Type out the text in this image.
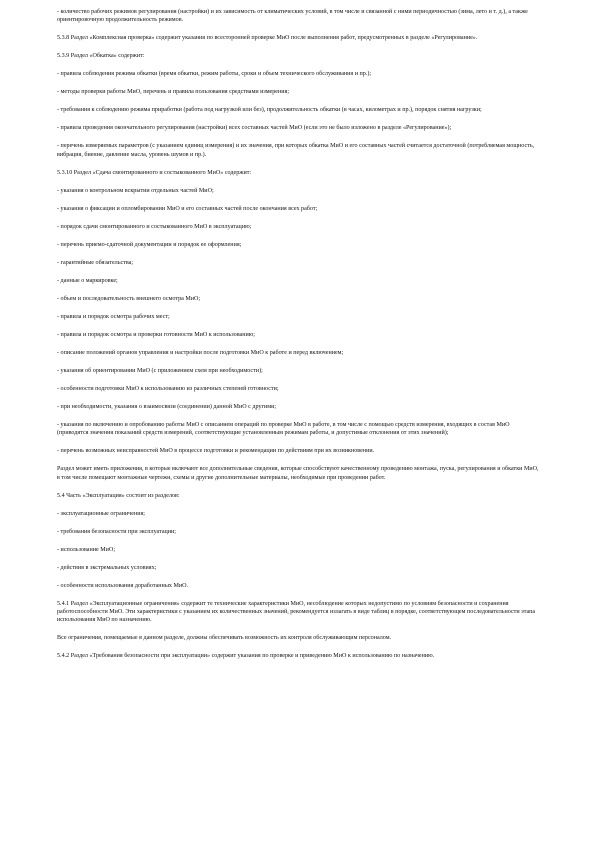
- количество рабочих режимов регулирования (настройки) и их зависимость от климатических условий, в том числе и связанной с ними периодичностью (зима, лето и т. д.), а также ориентировочную продолжительность режимов.

5.3.8 Раздел «Комплексная проверка» содержит указания по всесторонней проверке МиО после выполнения работ, предусмотренных в разделе «Регулирование».

5.3.9 Раздел «Обкатка» содержит:

- правила соблюдения режима обкатки (время обкатки, режим работы, сроки и объем технического обслуживания и пр.);

- методы проверки работы МиО, перечень и правила пользования средствами измерения;

- требования к соблюдению режима приработки (работа под нагрузкой или без), продолжительность обкатки (в часах, километрах и пр.), порядок снятия нагрузки;

- правила проведения окончательного регулирования (настройки) всех составных частей МиО (если это не было изложено в разделе «Регулирование»);

- перечень измеряемых параметров (с указанием единиц измерения) и их значения, при которых обкатка МиО и его составных частей считается достаточной (потребляемая мощность, вибрация, биение, давление масла, уровень шумов и пр.).

5.3.10 Раздел «Сдача смонтированного и состыкованного МиО» содержит:

- указания о контрольном вскрытии отдельных частей МиО;

- указания о фиксации и опломбировании МиО и его составных частей после окончания всех работ;

- порядок сдачи смонтированного и состыкованного МиО в эксплуатацию;

- перечень приемо-сдаточной документации и порядок ее оформления;

- гарантийные обязательства;

- данные о маркировке;

- объем и последовательность внешнего осмотра МиО;

- правила и порядок осмотра рабочих мест;

- правила и порядок осмотра и проверки готовности МиО к использованию;

- описание положений органов управления и настройки после подготовки МиО к работе и перед включением;

- указания об ориентировании МиО (с приложением схем при необходимости);

- особенности подготовки МиО к использованию из различных степеней готовности;

- при необходимости, указания о взаимосвязи (соединении) данной МиО с другими;

- указания по включению и опробованию работы МиО с описанием операций по проверке МиО в работе, в том числе с помощью средств измерения, входящих в состав МиО (приводятся значения показаний средств измерений, соответствующие установленным режимам работы, и допустимые отклонения от этих значений);

- перечень возможных неисправностей МиО в процессе подготовки и рекомендации по действиям при их возникновении.

Раздел может иметь приложения, в которые включают все дополнительные сведения, которые способствуют качественному проведению монтажа, пуска, регулирования и обкатки МиО, в том числе помещают монтажные чертежи, схемы и другие дополнительные материалы, необходимые при проведении работ.

5.4 Часть «Эксплуатация» состоит из разделов:

- эксплуатационные ограничения;

- требования безопасности при эксплуатации;

- использование МиО;

- действия в экстремальных условиях;

- особенности использования доработанных МиО.

5.4.1 Раздел «Эксплуатационные ограничения» содержит те технические характеристики МиО, несоблюдение которых недопустимо по условиям безопасности и сохранения работоспособности МиО. Эти характеристики с указанием их количественных значений, рекомендуется излагать в виде таблиц в порядке, соответствующем последовательности этапа использования МиО по назначению.

Все ограничения, помещаемые в данном разделе, должны обеспечивать возможность их контроля обслуживающим персоналом.

5.4.2 Раздел «Требования безопасности при эксплуатации» содержит указания по проверке и приведению МиО к использованию по назначению.
